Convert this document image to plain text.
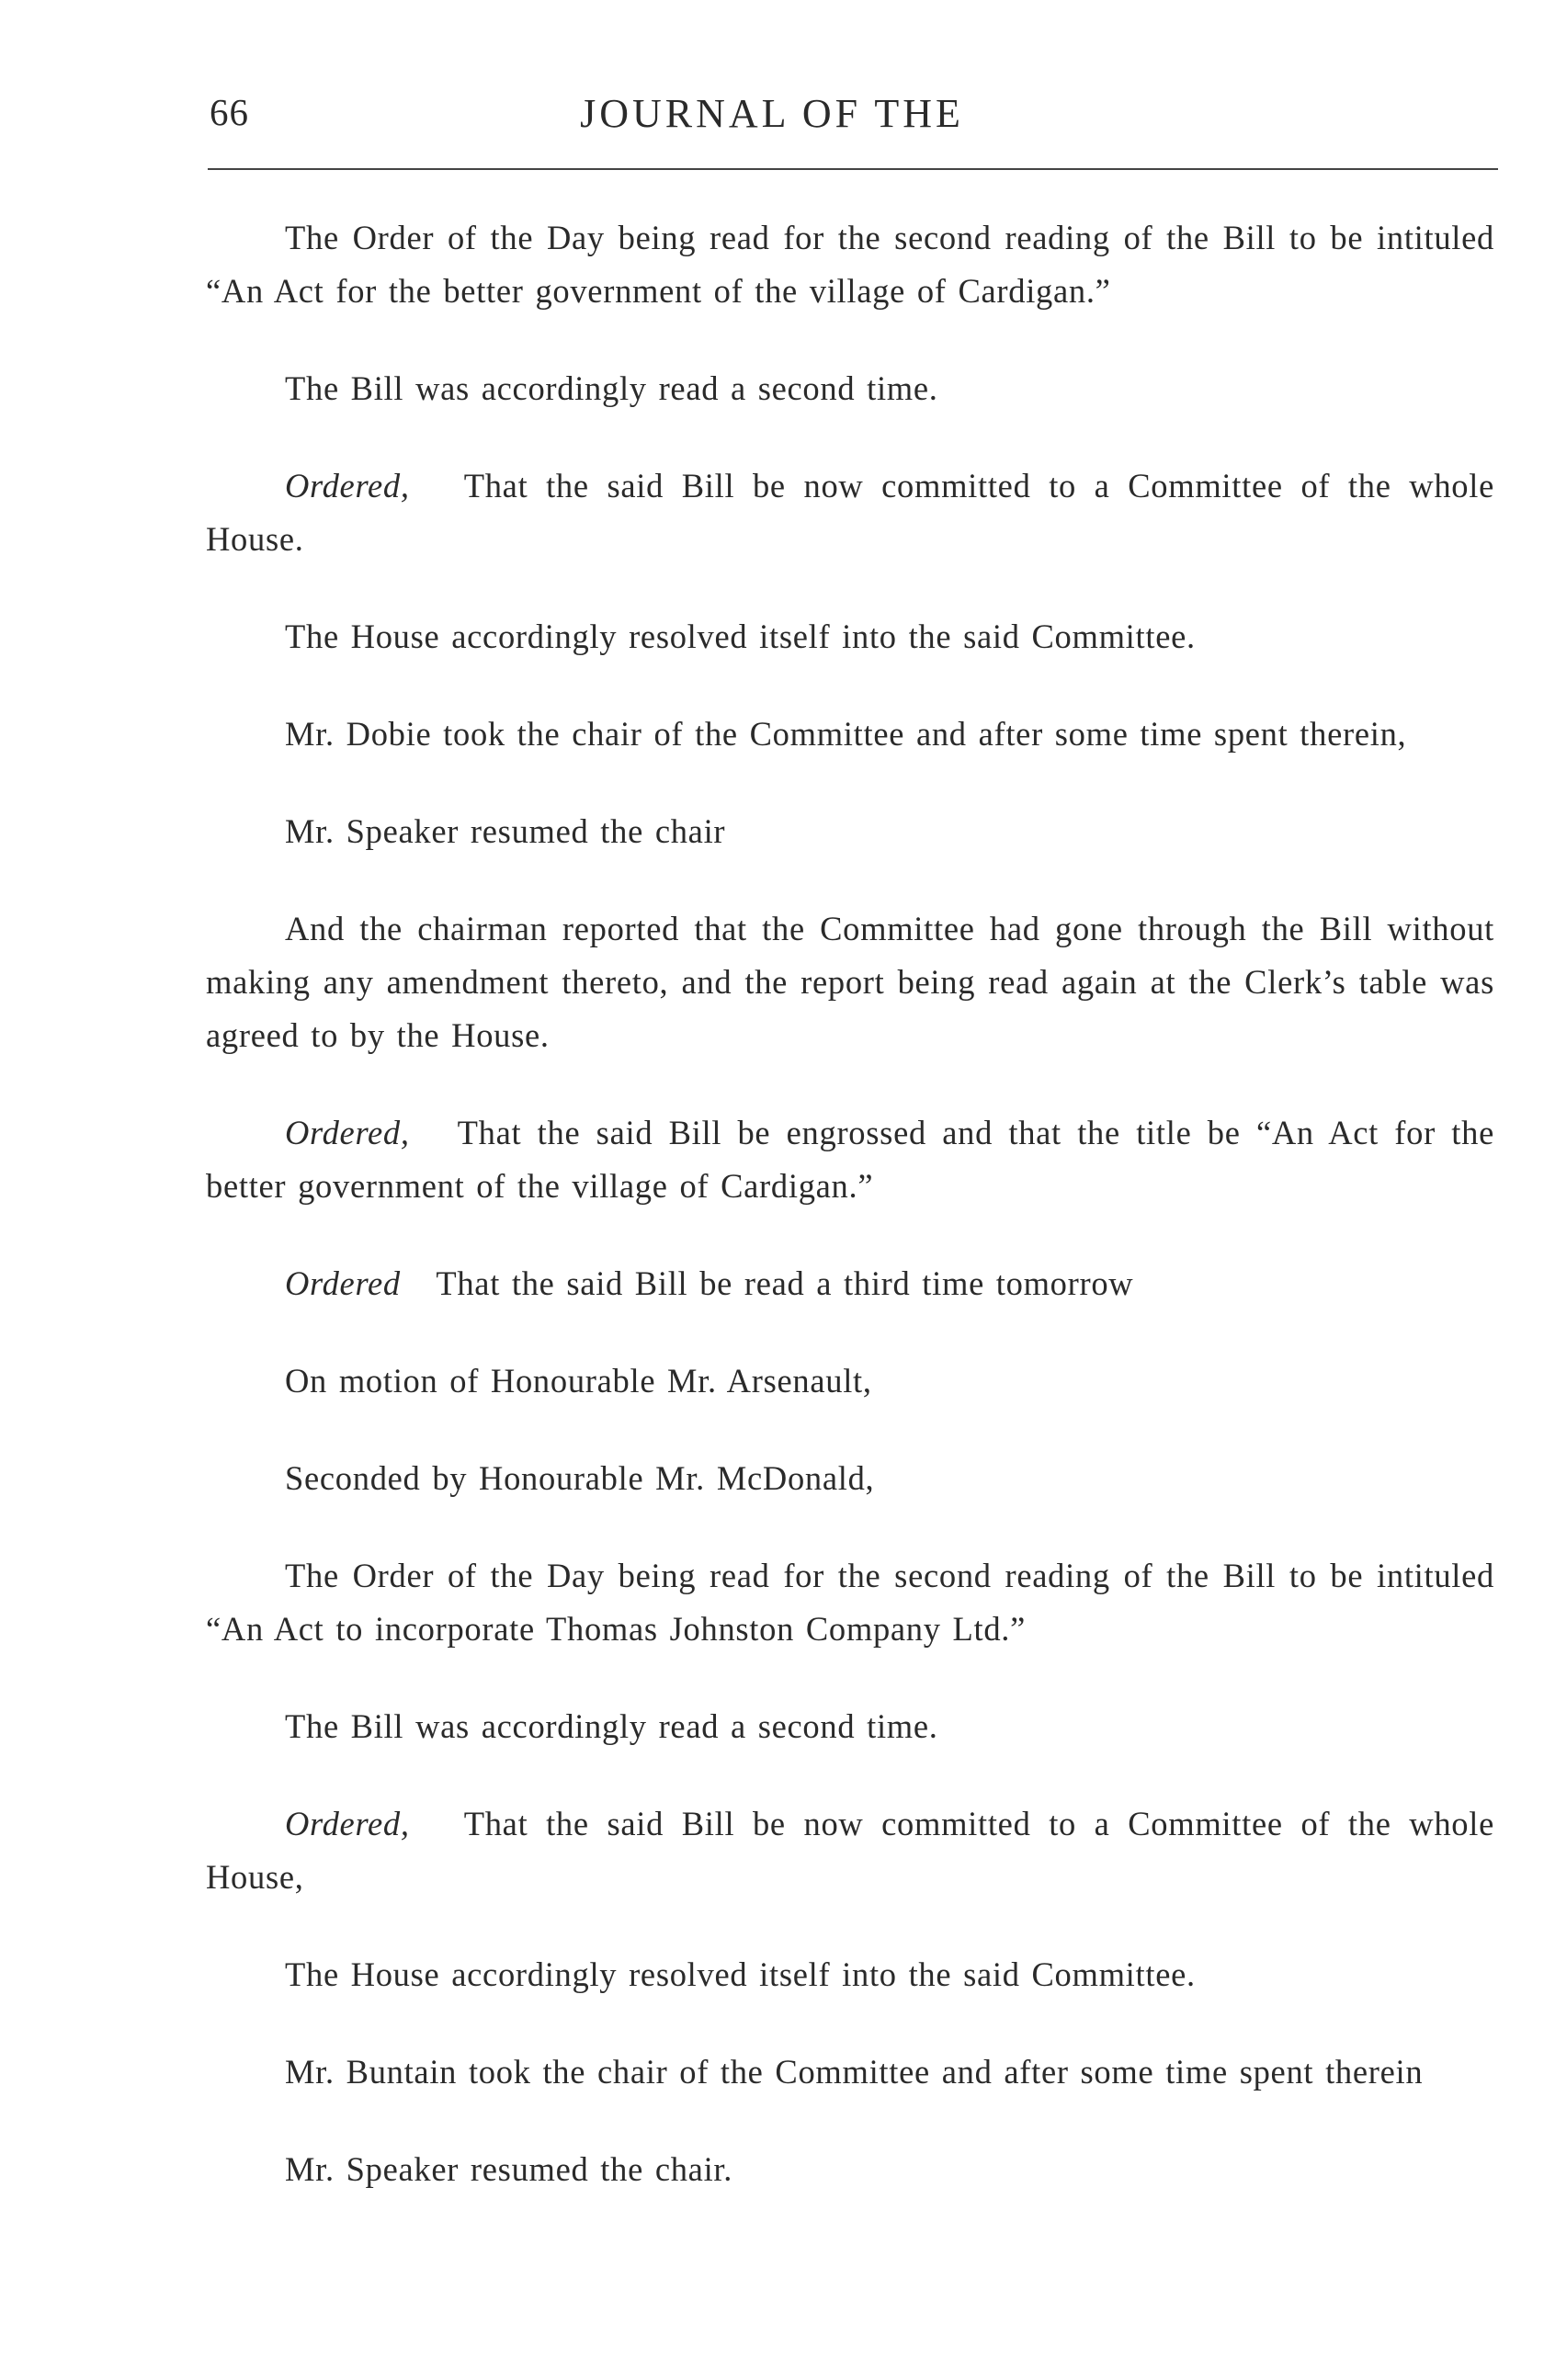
66	JOURNAL OF THE

The Order of the Day being read for the second reading of the Bill to be intituled “An Act for the better government of the village of Cardigan.”

The Bill was accordingly read a second time.

Ordered, That the said Bill be now committed to a Committee of the whole House.

The House accordingly resolved itself into the said Committee.

Mr. Dobie took the chair of the Committee and after some time spent therein,

Mr. Speaker resumed the chair

And the chairman reported that the Committee had gone through the Bill without making any amendment thereto, and the report being read again at the Clerk’s table was agreed to by the House.

Ordered, That the said Bill be engrossed and that the title be “An Act for the better government of the village of Cardigan.”

Ordered That the said Bill be read a third time tomorrow

On motion of Honourable Mr. Arsenault,

Seconded by Honourable Mr. McDonald,

The Order of the Day being read for the second reading of the Bill to be intituled “An Act to incorporate Thomas Johnston Company Ltd.”

The Bill was accordingly read a second time.

Ordered, That the said Bill be now committed to a Committee of the whole House,

The House accordingly resolved itself into the said Committee.

Mr. Buntain took the chair of the Committee and after some time spent therein

Mr. Speaker resumed the chair.
